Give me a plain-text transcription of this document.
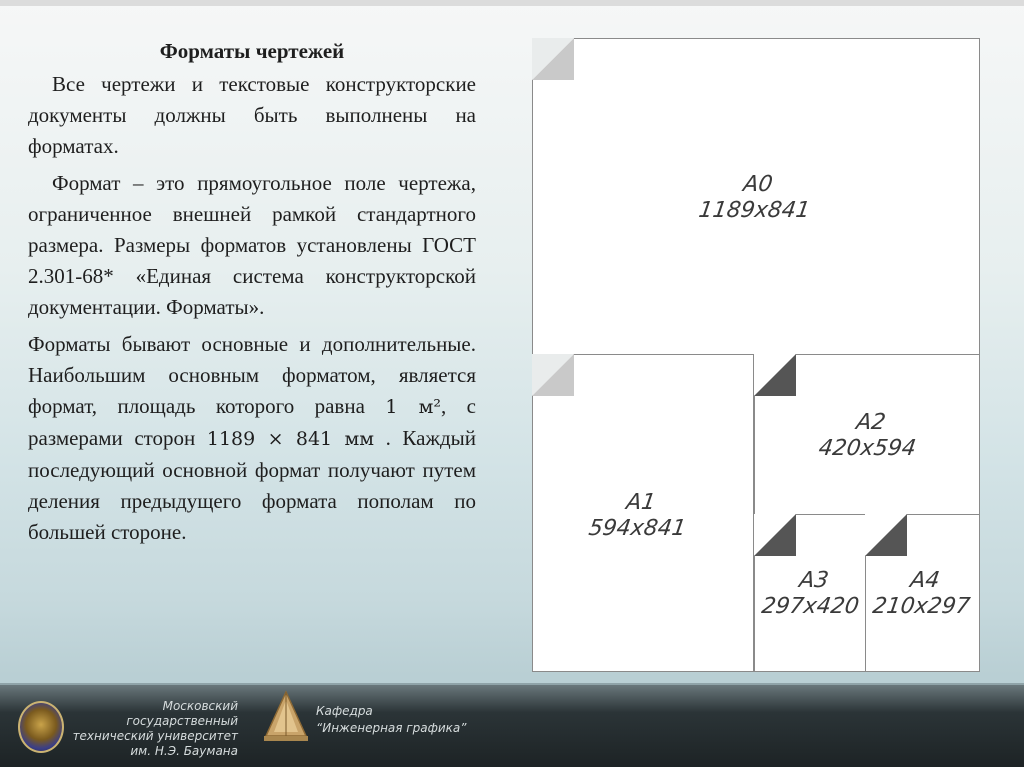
Форматы чертежей

Все чертежи и текстовые конструкторские документы должны быть выполнены на форматах.

Формат – это прямоугольное поле чертежа, ограниченное внешней рамкой стандартного размера. Размеры форматов установлены ГОСТ 2.301-68* «Единая система конструкторской документации. Форматы».

Форматы бывают основные и дополнительные. Наибольшим основным форматом, является формат, площадь которого равна 1 м², с размерами сторон 1189 × 841 мм . Каждый последующий основной формат получают путем деления предыдущего формата пополам по большей стороне.

A0
1189x841
A1
594x841
A2
420x594
A3
297x420
A4
210x297
Московский государственный
технический университет
им. Н.Э. Баумана
Кафедра
“Инженерная графика”
